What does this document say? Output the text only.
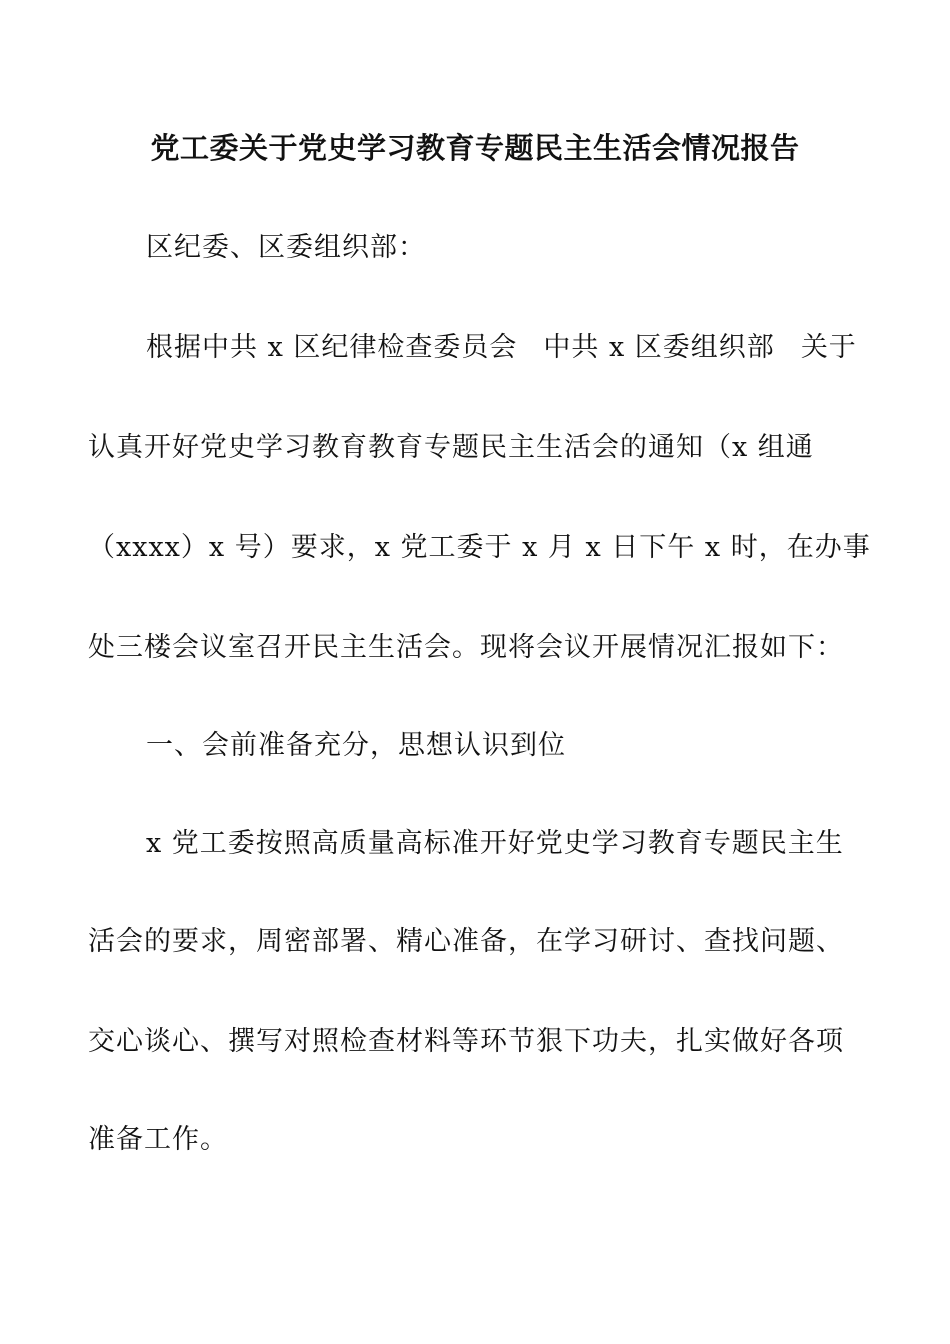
党工委关于党史学习教育专题民主生活会情况报告
区纪委、区委组织部：
根据中共 x 区纪律检查委员会 中共 x 区委组织部 关于
认真开好党史学习教育教育专题民主生活会的通知（x 组通
（xxxx）x 号）要求，x 党工委于 x 月 x 日下午 x 时，在办事
处三楼会议室召开民主生活会。现将会议开展情况汇报如下：
一、会前准备充分，思想认识到位
x 党工委按照高质量高标准开好党史学习教育专题民主生
活会的要求，周密部署、精心准备，在学习研讨、查找问题、
交心谈心、撰写对照检查材料等环节狠下功夫，扎实做好各项
准备工作。
